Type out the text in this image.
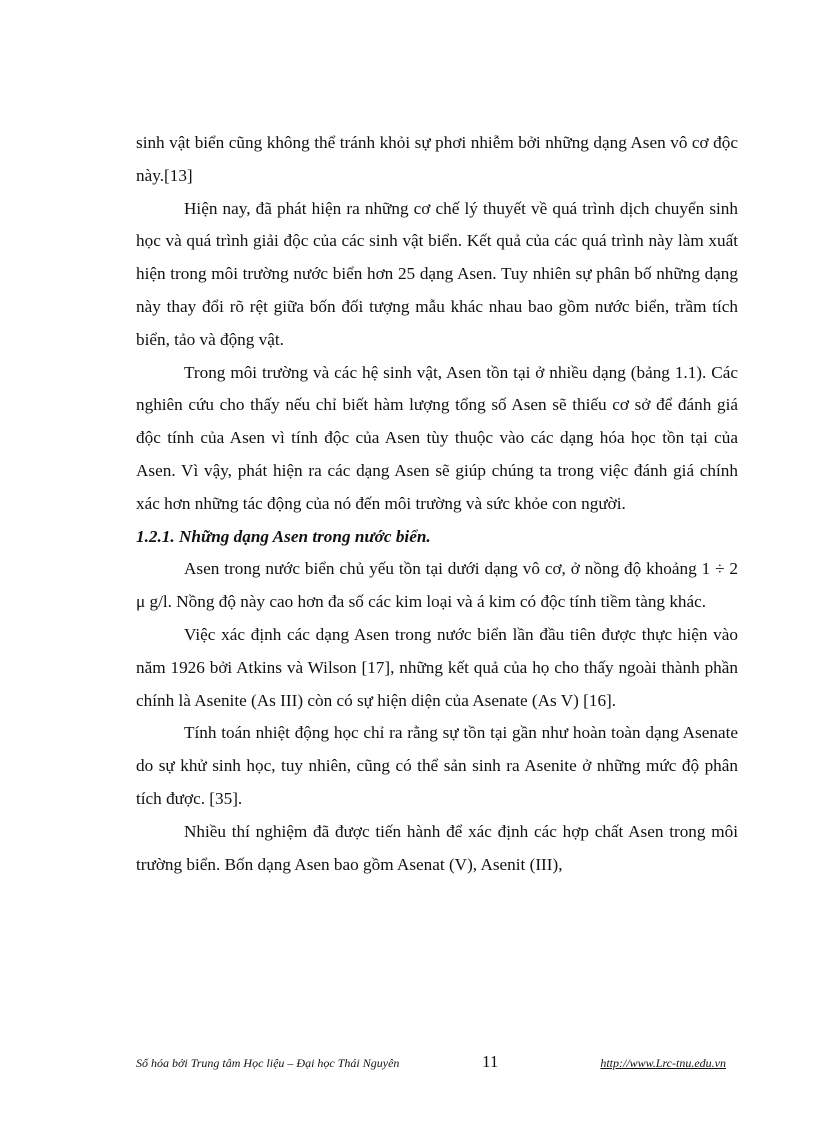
sinh vật biển cũng không thể tránh khỏi sự phơi nhiễm bởi những dạng Asen vô cơ độc này.[13]

Hiện nay, đã phát hiện ra những cơ chế lý thuyết về quá trình dịch chuyển sinh học và quá trình giải độc của các sinh vật biển. Kết quả của các quá trình này làm xuất hiện trong môi trường nước biển hơn 25 dạng Asen. Tuy nhiên sự phân bố những dạng này thay đổi rõ rệt giữa bốn đối tượng mẫu khác nhau bao gồm nước biển, trầm tích biển, tảo và động vật.

Trong môi trường và các hệ sinh vật, Asen tồn tại ở nhiều dạng (bảng 1.1). Các nghiên cứu cho thấy nếu chỉ biết hàm lượng tổng số Asen sẽ thiếu cơ sở để đánh giá độc tính của Asen vì tính độc của Asen tùy thuộc vào các dạng hóa học tồn tại của Asen. Vì vậy, phát hiện ra các dạng Asen sẽ giúp chúng ta trong việc đánh giá chính xác hơn những tác động của nó đến môi trường và sức khỏe con người.

1.2.1. Những dạng Asen trong nước biển.

Asen trong nước biển chủ yếu tồn tại dưới dạng vô cơ, ở nồng độ khoảng 1 ÷ 2 μ g/l. Nồng độ này cao hơn đa số các kim loại và á kim có độc tính tiềm tàng khác.

Việc xác định các dạng Asen trong nước biển lần đầu tiên được thực hiện vào năm 1926 bởi Atkins và Wilson [17], những kết quả của họ cho thấy ngoài thành phần chính là Asenite (As III) còn có sự hiện diện của Asenate (As V) [16].

Tính toán nhiệt động học chỉ ra rằng sự tồn tại gần như hoàn toàn dạng Asenate do sự khử sinh học, tuy nhiên, cũng có thể sản sinh ra Asenite ở những mức độ phân tích được. [35].

Nhiều thí nghiệm đã được tiến hành để xác định các hợp chất Asen trong môi trường biển. Bốn dạng Asen bao gồm Asenat (V), Asenit (III),

Số hóa bởi Trung tâm Học liệu – Đại học Thái Nguyên	11	http://www.Lrc-tnu.edu.vn
